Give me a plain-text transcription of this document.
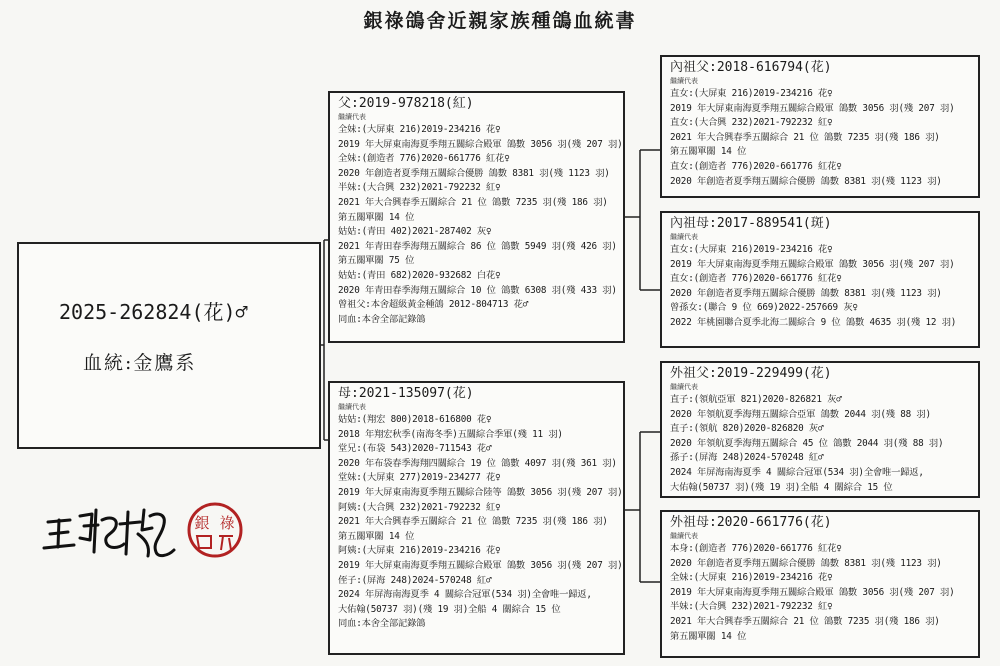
銀祿鴿舍近親家族種鴿血統書
2025-262824(花)♂
血統:金鷹系
父:2019-978218(紅)
繼續代表
全妹:(大屏東 216)2019-234216 花♀
2019 年大屏東南海夏季翔五關綜合殿軍 鴿數 3056 羽(殘 207 羽)
全妹:(創造者 776)2020-661776 紅花♀
2020 年創造者夏季翔五關綜合優勝 鴿數 8381 羽(殘 1123 羽)
半妹:(大合興 232)2021-792232 紅♀
2021 年大合興春季五關綜合 21 位 鴿數 7235 羽(殘 186 羽)
第五關單關 14 位
姑姑:(青田 402)2021-287402 灰♀
2021 年青田春季海翔五關綜合 86 位 鴿數 5949 羽(殘 426 羽)
第五關單關 75 位
姑姑:(青田 682)2020-932682 白花♀
2020 年青田春季海翔五關綜合 10 位 鴿數 6308 羽(殘 433 羽)
曾祖父:本舍超級黃金種鴿 2012-804713 花♂
同血:本舍全部記錄鴿
母:2021-135097(花)
繼續代表
姑姑:(翔宏 800)2018-616800 花♀
2018 年翔宏秋季(南海冬季)五關綜合季軍(殘 11 羽)
堂兄:(布袋 543)2020-711543 花♂
2020 年布袋春季海翔四關綜合 19 位 鴿數 4097 羽(殘 361 羽)
堂妹:(大屏東 277)2019-234277 花♀
2019 年大屏東南海夏季翔五關綜合陸等 鴿數 3056 羽(殘 207 羽)
阿姨:(大合興 232)2021-792232 紅♀
2021 年大合興春季五關綜合 21 位 鴿數 7235 羽(殘 186 羽)
第五關單關 14 位
阿姨:(大屏東 216)2019-234216 花♀
2019 年大屏東南海夏季翔五關綜合殿軍 鴿數 3056 羽(殘 207 羽)
侄子:(屏海 248)2024-570248 紅♂
2024 年屏海南海夏季 4 關綜合冠軍(534 羽)全會唯一歸返,
大佑翰(50737 羽)(殘 19 羽)全船 4 關綜合 15 位
同血:本舍全部記錄鴿
內祖父:2018-616794(花)
繼續代表
直女:(大屏東 216)2019-234216 花♀
2019 年大屏東南海夏季翔五關綜合殿軍 鴿數 3056 羽(殘 207 羽)
直女:(大合興 232)2021-792232 紅♀
2021 年大合興春季五關綜合 21 位 鴿數 7235 羽(殘 186 羽)
第五關單關 14 位
直女:(創造者 776)2020-661776 紅花♀
2020 年創造者夏季翔五關綜合優勝 鴿數 8381 羽(殘 1123 羽)
內祖母:2017-889541(斑)
繼續代表
直女:(大屏東 216)2019-234216 花♀
2019 年大屏東南海夏季翔五關綜合殿軍 鴿數 3056 羽(殘 207 羽)
直女:(創造者 776)2020-661776 紅花♀
2020 年創造者夏季翔五關綜合優勝 鴿數 8381 羽(殘 1123 羽)
曾孫女:(聯合 9 位 669)2022-257669 灰♀
2022 年桃園聯合夏季北海二關綜合 9 位 鴿數 4635 羽(殘 12 羽)
外祖父:2019-229499(花)
繼續代表
直子:(領航亞軍 821)2020-826821 灰♂
2020 年領航夏季海翔五關綜合亞軍 鴿數 2044 羽(殘 88 羽)
直子:(領航 820)2020-826820 灰♂
2020 年領航夏季海翔五關綜合 45 位 鴿數 2044 羽(殘 88 羽)
孫子:(屏海 248)2024-570248 紅♂
2024 年屏海南海夏季 4 關綜合冠軍(534 羽)全會唯一歸返,
大佑翰(50737 羽)(殘 19 羽)全船 4 關綜合 15 位
外祖母:2020-661776(花)
繼續代表
本身:(創造者 776)2020-661776 紅花♀
2020 年創造者夏季翔五關綜合優勝 鴿數 8381 羽(殘 1123 羽)
全妹:(大屏東 216)2019-234216 花♀
2019 年大屏東南海夏季翔五關綜合殿軍 鴿數 3056 羽(殘 207 羽)
半妹:(大合興 232)2021-792232 紅♀
2021 年大合興春季五關綜合 21 位 鴿數 7235 羽(殘 186 羽)
第五關單關 14 位
銀 祿
